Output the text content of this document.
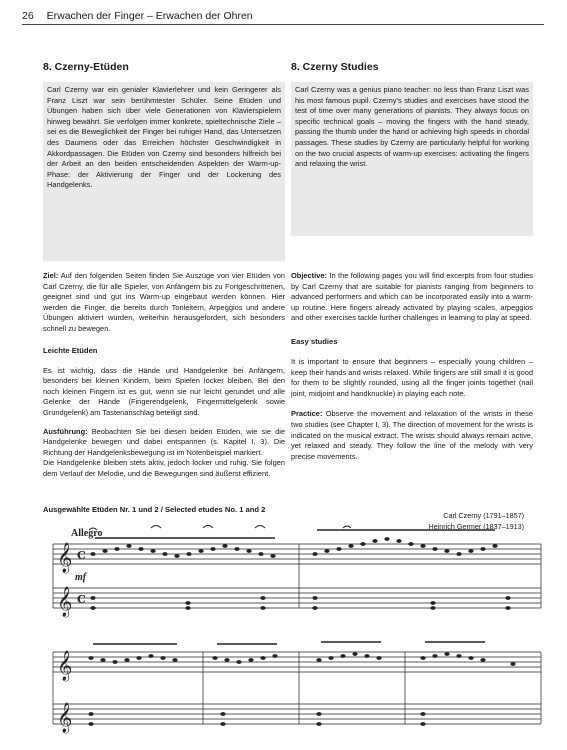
26 Erwachen der Finger – Erwachen der Ohren
8. Czerny-Etüden
Carl Czerny war ein genialer Klavierlehrer und kein Geringerer als Franz Liszt war sein berühmtester Schüler. Seine Etüden und Übungen haben sich über viele Generationen von Klavierspielern hinweg bewährt. Sie verfolgen immer konkrete, spieltechnische Ziele – sei es die Beweglichkeit der Finger bei ruhiger Hand, das Untersetzen des Daumens oder das Erreichen höchster Geschwindigkeit in Akkordpassagen. Die Etüden von Czerny sind besonders hilfreich bei der Arbeit an den beiden entscheidenden Aspekten der Warm-up-Phase: der Aktivierung der Finger und der Lockerung des Handgelenks.

Ziel: Auf den folgenden Seiten finden Sie Auszüge von vier Etüden von Carl Czerny, die für alle Spieler, von Anfängern bis zu Fortgeschrittenen, geeignet sind und gut ins Warm-up eingebaut werden können. Hier werden die Finger, die bereits durch Tonleitern, Arpeggios und andere Übungen aktiviert wurden, weiterhin herausgefordert, sich besonders schnell zu bewegen.

Leichte Etüden

Es ist wichtig, dass die Hände und Handgelenke bei Anfängern, besonders bei kleinen Kindern, beim Spielen locker bleiben. Bei den noch kleinen Fingern ist es gut, wenn sie nur leicht gerundet und alle Gelenke der Hände (Fingerendgelenk, Fingermittelgelenk sowie Grundgelenk) am Tastenanschlag beteiligt sind.

Ausführung: Beobachten Sie bei diesen beiden Etüden, wie sie die Handgelenke bewegen und dabei entspannen (s. Kapitel I, 3). Die Richtung der Handgelenksbewegung ist im Notenbeispiel markiert.

Die Handgelenke bleiben stets aktiv, jedoch locker und ruhig. Sie folgen dem Verlauf der Melodie, und die Bewegungen sind äußerst effizient.

8. Czerny Studies
Carl Czerny was a genius piano teacher: no less than Franz Liszt was his most famous pupil. Czerny's studies and exercises have stood the test of time over many generations of pianists. They always focus on specific technical goals – moving the fingers with the hand steady, passing the thumb under the hand or achieving high speeds in chordal passages. These studies by Czerny are particularly helpful for working on the two crucial aspects of warm-up exercises: activating the fingers and relaxing the wrist.

Objective: In the following pages you will find excerpts from four studies by Carl Czerny that are suitable for pianists ranging from beginners to advanced performers and which can be incorporated easily into a warm-up routine. Here fingers already activated by playing scales, arpeggios and other exercises tackle further challenges in learning to play at speed.

Easy studies

It is important to ensure that beginners – especially young children – keep their hands and wrists relaxed. While fingers are still small it is good for them to be slightly rounded, using all the finger joints together (nail joint, midjoint and handknuckle) in playing each note.

Practice: Observe the movement and relaxation of the wrists in these two studies (see Chapter I, 3). The direction of movement for the wrists is indicated on the musical extract. The wrists should always remain active, yet relaxed and steady. They follow the line of the melody with very precise movements.

Ausgewählte Etüden Nr. 1 und 2 / Selected etudes No. 1 and 2
Carl Czerny (1791–1857)
Heinrich Germer (1837–1913)
𝄞
𝄞
𝄞
𝄞
C
C
Allegro
mf
